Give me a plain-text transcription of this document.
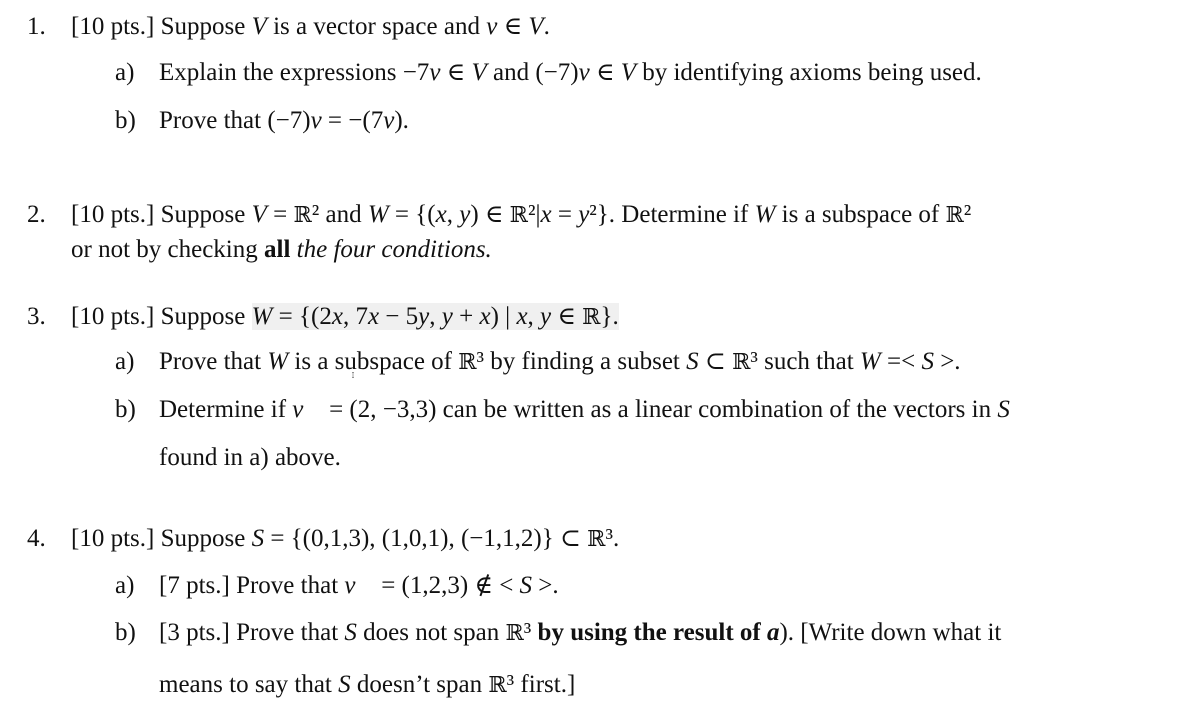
1. [10 pts.] Suppose V is a vector space and v ∈ V.
a) Explain the expressions −7v ∈ V and (−7)v ∈ V by identifying axioms being used.
b) Prove that (−7)v = −(7v).
2. [10 pts.] Suppose V = ℝ² and W = {(x, y) ∈ ℝ²|x = y²}. Determine if W is a subspace of ℝ²
or not by checking all the four conditions.
3. [10 pts.] Suppose W = {(2x, 7x − 5y, y + x) | x, y ∈ ℝ}.
a) Prove that W is a subspace of ℝ³ by finding a subset S ⊂ ℝ³ such that W =< S >.
b) Determine if v⃗ = (2, −3,3) can be written as a linear combination of the vectors in S
found in a) above.
4. [10 pts.] Suppose S = {(0,1,3), (1,0,1), (−1,1,2)} ⊂ ℝ³.
a) [7 pts.] Prove that v⃗ = (1,2,3) ∉ < S >.
b) [3 pts.] Prove that S does not span ℝ³ by using the result of a). [Write down what it
means to say that S doesn’t span ℝ³ first.]
